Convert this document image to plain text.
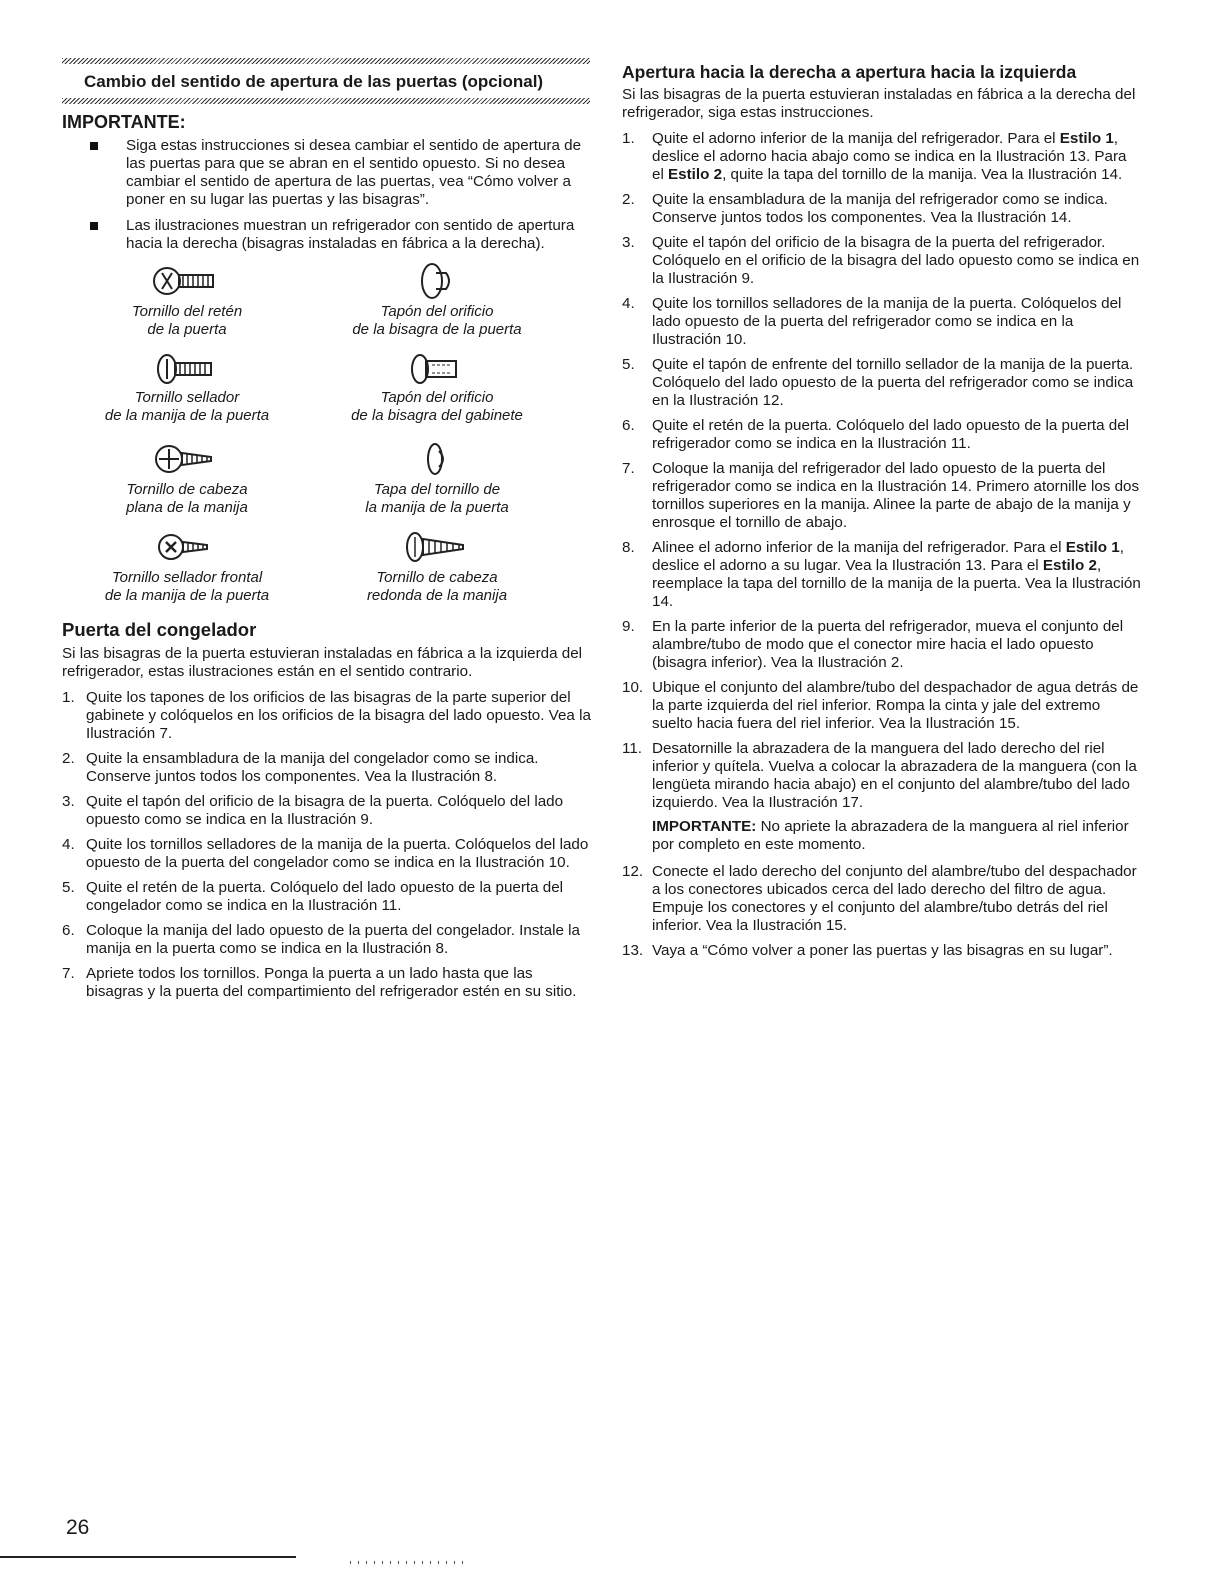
Cambio del sentido de apertura de las puertas (opcional)
IMPORTANTE:
Siga estas instrucciones si desea cambiar el sentido de apertura de las puertas para que se abran en el sentido opuesto. Si no desea cambiar el sentido de apertura de las puertas, vea “Cómo volver a poner en su lugar las puertas y las bisagras”.
Las ilustraciones muestran un refrigerador con sentido de apertura hacia la derecha (bisagras instaladas en fábrica a la derecha).
Tornillo del retén
de la puerta
Tapón del orificio
de la bisagra de la puerta
Tornillo sellador
de la manija de la puerta
Tapón del orificio
de la bisagra del gabinete
Tornillo de cabeza
plana de la manija
Tapa del tornillo de
la manija de la puerta
Tornillo sellador frontal
de la manija de la puerta
Tornillo de cabeza
redonda de la manija
Puerta del congelador
Si las bisagras de la puerta estuvieran instaladas en fábrica a la izquierda del refrigerador, estas ilustraciones están en el sentido contrario.
1. Quite los tapones de los orificios de las bisagras de la parte superior del gabinete y colóquelos en los orificios de la bisagra del lado opuesto. Vea la Ilustración 7.
2. Quite la ensambladura de la manija del congelador como se indica. Conserve juntos todos los componentes. Vea la Ilustración 8.
3. Quite el tapón del orificio de la bisagra de la puerta. Colóquelo del lado opuesto como se indica en la Ilustración 9.
4. Quite los tornillos selladores de la manija de la puerta. Colóquelos del lado opuesto de la puerta del congelador como se indica en la Ilustración 10.
5. Quite el retén de la puerta. Colóquelo del lado opuesto de la puerta del congelador como se indica en la Ilustración 11.
6. Coloque la manija del lado opuesto de la puerta del congelador. Instale la manija en la puerta como se indica en la Ilustración 8.
7. Apriete todos los tornillos. Ponga la puerta a un lado hasta que las bisagras y la puerta del compartimiento del refrigerador estén en su sitio.
Apertura hacia la derecha a apertura hacia la izquierda
Si las bisagras de la puerta estuvieran instaladas en fábrica a la derecha del refrigerador, siga estas instrucciones.
1. Quite el adorno inferior de la manija del refrigerador. Para el Estilo 1, deslice el adorno hacia abajo como se indica en la Ilustración 13. Para el Estilo 2, quite la tapa del tornillo de la manija. Vea la Ilustración 14.
2. Quite la ensambladura de la manija del refrigerador como se indica. Conserve juntos todos los componentes. Vea la Ilustración 14.
3. Quite el tapón del orificio de la bisagra de la puerta del refrigerador. Colóquelo en el orificio de la bisagra del lado opuesto como se indica en la Ilustración 9.
4. Quite los tornillos selladores de la manija de la puerta. Colóquelos del lado opuesto de la puerta del refrigerador como se indica en la Ilustración 10.
5. Quite el tapón de enfrente del tornillo sellador de la manija de la puerta. Colóquelo del lado opuesto de la puerta del refrigerador como se indica en la Ilustración 12.
6. Quite el retén de la puerta. Colóquelo del lado opuesto de la puerta del refrigerador como se indica en la Ilustración 11.
7. Coloque la manija del refrigerador del lado opuesto de la puerta del refrigerador como se indica en la Ilustración 14. Primero atornille los dos tornillos superiores en la manija. Alinee la parte de abajo de la manija y enrosque el tornillo de abajo.
8. Alinee el adorno inferior de la manija del refrigerador. Para el Estilo 1, deslice el adorno a su lugar. Vea la Ilustración 13. Para el Estilo 2, reemplace la tapa del tornillo de la manija de la puerta. Vea la Ilustración 14.
9. En la parte inferior de la puerta del refrigerador, mueva el conjunto del alambre/tubo de modo que el conector mire hacia el lado opuesto (bisagra inferior). Vea la Ilustración 2.
10. Ubique el conjunto del alambre/tubo del despachador de agua detrás de la parte izquierda del riel inferior. Rompa la cinta y jale del extremo suelto hacia fuera del riel inferior. Vea la Ilustración 15.
11. Desatornille la abrazadera de la manguera del lado derecho del riel inferior y quítela. Vuelva a colocar la abrazadera de la manguera (con la lengüeta mirando hacia abajo) en el conjunto del alambre/tubo del lado izquierdo. Vea la Ilustración 17.
IMPORTANTE: No apriete la abrazadera de la manguera al riel inferior por completo en este momento.
12. Conecte el lado derecho del conjunto del alambre/tubo del despachador a los conectores ubicados cerca del lado derecho del filtro de agua. Empuje los conectores y el conjunto del alambre/tubo detrás del riel inferior. Vea la Ilustración 15.
13. Vaya a “Cómo volver a poner las puertas y las bisagras en su lugar”.
26
